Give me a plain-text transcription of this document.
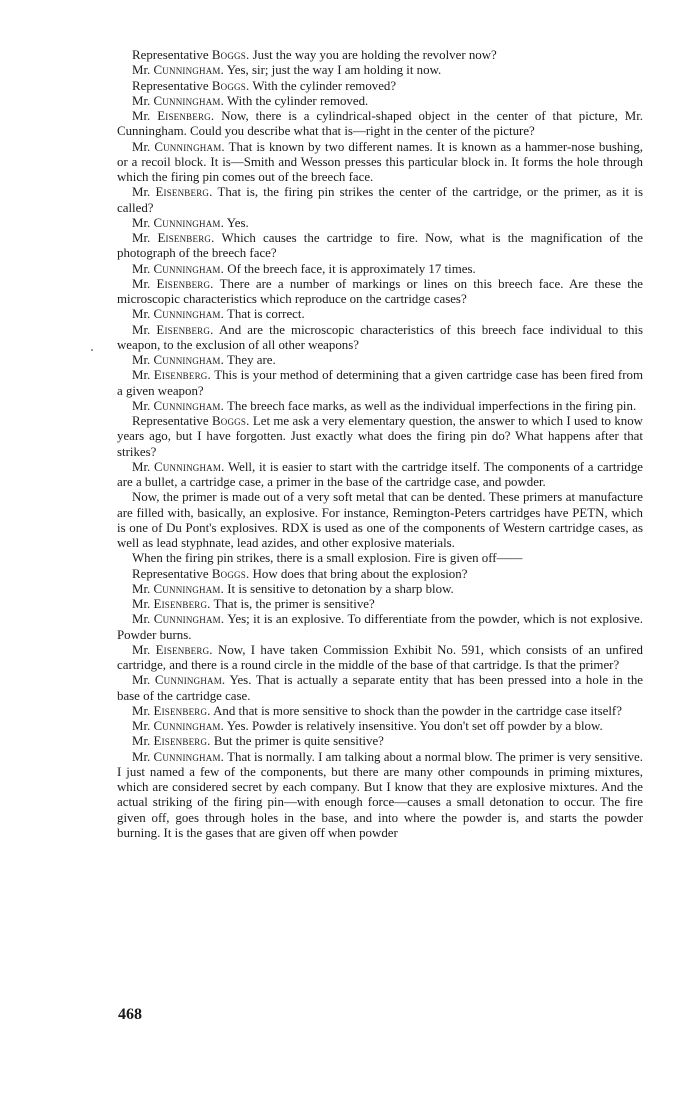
Representative Boggs. Just the way you are holding the revolver now?

Mr. Cunningham. Yes, sir; just the way I am holding it now.

Representative Boggs. With the cylinder removed?

Mr. Cunningham. With the cylinder removed.

Mr. Eisenberg. Now, there is a cylindrical-shaped object in the center of that picture, Mr. Cunningham. Could you describe what that is—right in the center of the picture?

Mr. Cunningham. That is known by two different names. It is known as a hammer-nose bushing, or a recoil block. It is—Smith and Wesson presses this particular block in. It forms the hole through which the firing pin comes out of the breech face.

Mr. Eisenberg. That is, the firing pin strikes the center of the cartridge, or the primer, as it is called?

Mr. Cunningham. Yes.

Mr. Eisenberg. Which causes the cartridge to fire. Now, what is the magnification of the photograph of the breech face?

Mr. Cunningham. Of the breech face, it is approximately 17 times.

Mr. Eisenberg. There are a number of markings or lines on this breech face. Are these the microscopic characteristics which reproduce on the cartridge cases?

Mr. Cunningham. That is correct.

Mr. Eisenberg. And are the microscopic characteristics of this breech face individual to this weapon, to the exclusion of all other weapons?

Mr. Cunningham. They are.

Mr. Eisenberg. This is your method of determining that a given cartridge case has been fired from a given weapon?

Mr. Cunningham. The breech face marks, as well as the individual imperfections in the firing pin.

Representative Boggs. Let me ask a very elementary question, the answer to which I used to know years ago, but I have forgotten. Just exactly what does the firing pin do? What happens after that strikes?

Mr. Cunningham. Well, it is easier to start with the cartridge itself. The components of a cartridge are a bullet, a cartridge case, a primer in the base of the cartridge case, and powder.

Now, the primer is made out of a very soft metal that can be dented. These primers at manufacture are filled with, basically, an explosive. For instance, Remington-Peters cartridges have PETN, which is one of Du Pont's explosives. RDX is used as one of the components of Western cartridge cases, as well as lead styphnate, lead azides, and other explosive materials.

When the firing pin strikes, there is a small explosion. Fire is given off——

Representative Boggs. How does that bring about the explosion?

Mr. Cunningham. It is sensitive to detonation by a sharp blow.

Mr. Eisenberg. That is, the primer is sensitive?

Mr. Cunningham. Yes; it is an explosive. To differentiate from the powder, which is not explosive. Powder burns.

Mr. Eisenberg. Now, I have taken Commission Exhibit No. 591, which consists of an unfired cartridge, and there is a round circle in the middle of the base of that cartridge. Is that the primer?

Mr. Cunningham. Yes. That is actually a separate entity that has been pressed into a hole in the base of the cartridge case.

Mr. Eisenberg. And that is more sensitive to shock than the powder in the cartridge case itself?

Mr. Cunningham. Yes. Powder is relatively insensitive. You don't set off powder by a blow.

Mr. Eisenberg. But the primer is quite sensitive?

Mr. Cunningham. That is normally. I am talking about a normal blow. The primer is very sensitive. I just named a few of the components, but there are many other compounds in priming mixtures, which are considered secret by each company. But I know that they are explosive mixtures. And the actual striking of the firing pin—with enough force—causes a small detonation to occur. The fire given off, goes through holes in the base, and into where the powder is, and starts the powder burning. It is the gases that are given off when powder

468
